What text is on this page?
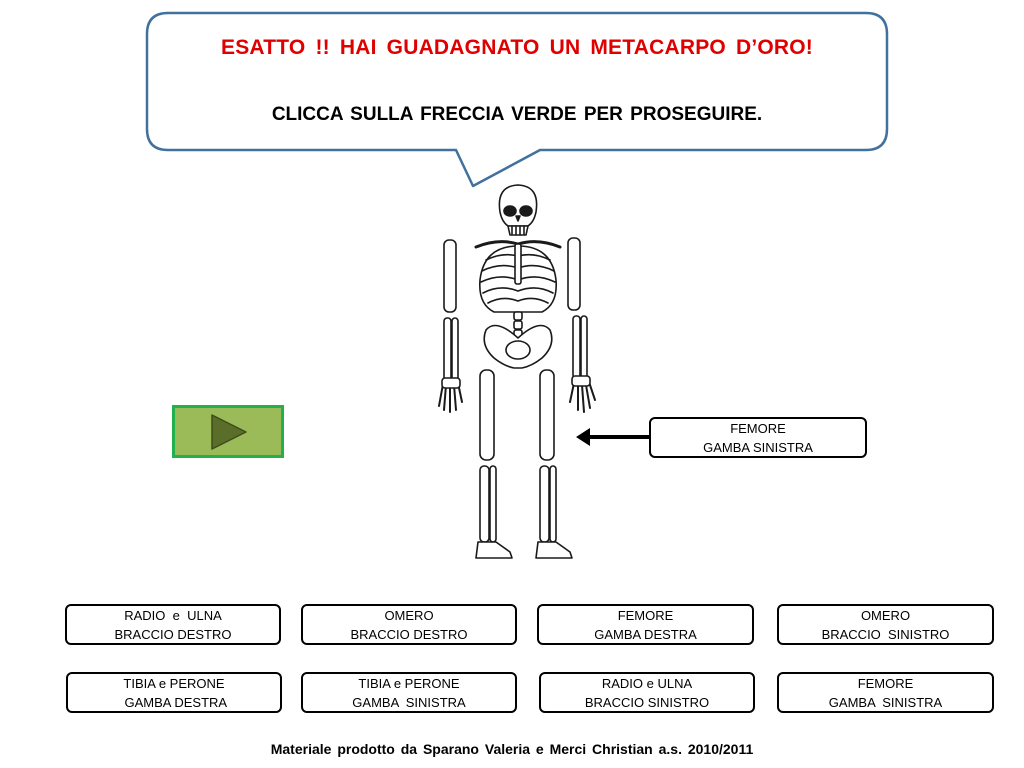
ESATTO !! HAI GUADAGNATO UN METACARPO D’ORO!
CLICCA SULLA FRECCIA VERDE PER PROSEGUIRE.
FEMORE
GAMBA SINISTRA
RADIO  e  ULNA
BRACCIO DESTRO
OMERO
BRACCIO DESTRO
FEMORE
GAMBA DESTRA
OMERO
BRACCIO  SINISTRO
TIBIA e PERONE
GAMBA DESTRA
TIBIA e PERONE
GAMBA  SINISTRA
RADIO e ULNA
BRACCIO SINISTRO
FEMORE
GAMBA  SINISTRA
Materiale prodotto da Sparano Valeria e Merci Christian a.s. 2010/2011
